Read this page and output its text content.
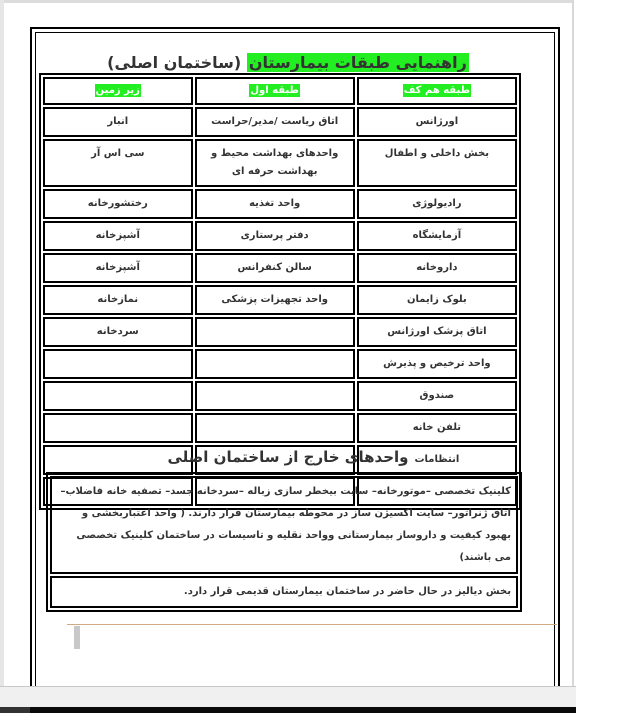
راهنمایی طبقات بیمارستان (ساختمان اصلی)
طبقه هم کف	طبقه اول	زیر زمین
اورژانس	اتاق ریاست /مدیر/حراست	انبار
بخش داخلی و اطفال	واحدهای بهداشت محیط و بهداشت حرفه ای	سی اس آر
رادیولوژی	واحد تغذیه	رختشورخانه
آزمایشگاه	دفتر پرستاری	آشپزخانه
داروخانه	سالن کنفرانس	آشپزخانه
بلوک زایمان	واحد تجهیزات پزشکی	نمازخانه
اتاق پزشک اورژانس		سردخانه
واحد ترخیص و پذیرش		
صندوق		
تلفن خانه		
انتظامات		

واحدهای خارج از ساختمان اصلی
کلینیک تخصصی –موتورخانه– سایت بیخطر سازی زباله –سردخانه جسد– تصفیه خانه فاضلاب– اتاق ژنراتور– سایت اکسیژن ساز در محوطه بیمارستان قرار دارند. ( واحد اعتباربخشی و بهبود کیفیت و داروساز بیمارستانی وواحد نقلیه و تاسیسات در ساختمان کلینیک تخصصی می باشند)
بخش دیالیز در حال حاضر در ساختمان بیمارستان قدیمی قرار دارد.
